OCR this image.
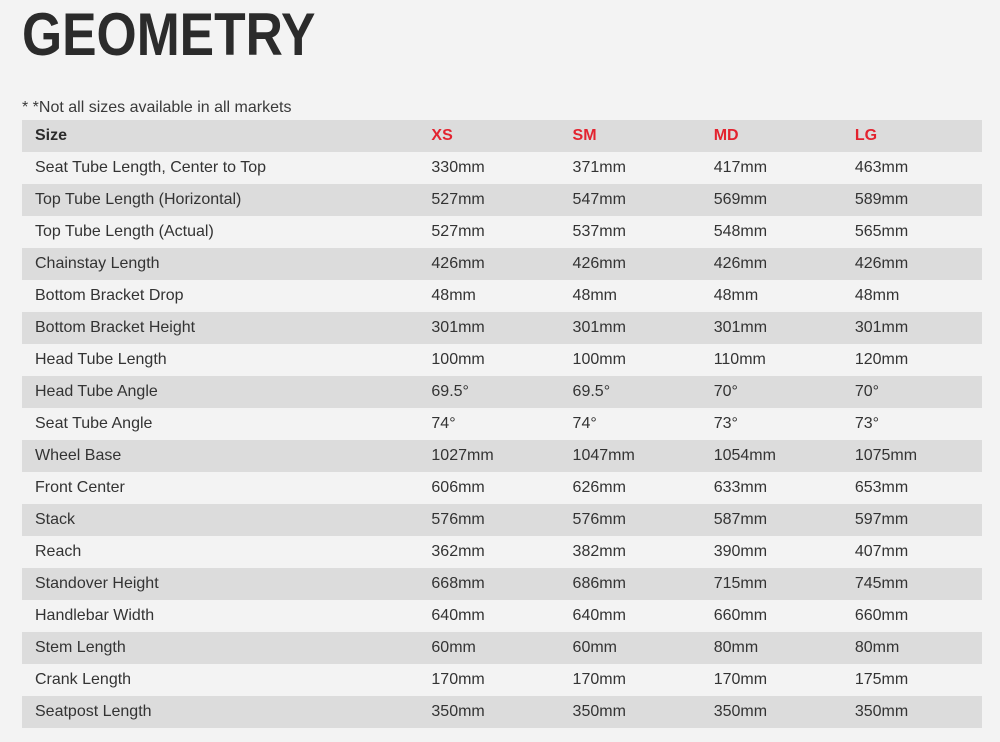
GEOMETRY
* *Not all sizes available in all markets
Size	XS	SM	MD	LG
Seat Tube Length, Center to Top	330mm	371mm	417mm	463mm
Top Tube Length (Horizontal)	527mm	547mm	569mm	589mm
Top Tube Length (Actual)	527mm	537mm	548mm	565mm
Chainstay Length	426mm	426mm	426mm	426mm
Bottom Bracket Drop	48mm	48mm	48mm	48mm
Bottom Bracket Height	301mm	301mm	301mm	301mm
Head Tube Length	100mm	100mm	110mm	120mm
Head Tube Angle	69.5°	69.5°	70°	70°
Seat Tube Angle	74°	74°	73°	73°
Wheel Base	1027mm	1047mm	1054mm	1075mm
Front Center	606mm	626mm	633mm	653mm
Stack	576mm	576mm	587mm	597mm
Reach	362mm	382mm	390mm	407mm
Standover Height	668mm	686mm	715mm	745mm
Handlebar Width	640mm	640mm	660mm	660mm
Stem Length	60mm	60mm	80mm	80mm
Crank Length	170mm	170mm	170mm	175mm
Seatpost Length	350mm	350mm	350mm	350mm
